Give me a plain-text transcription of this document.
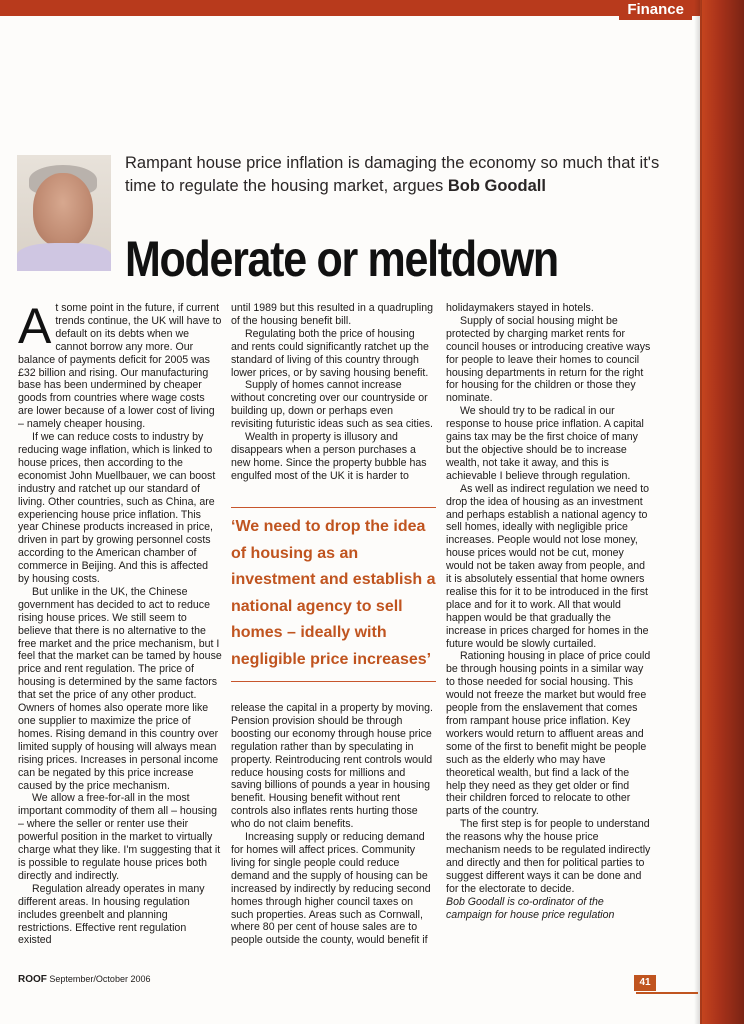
Finance
Rampant house price inflation is damaging the economy so much that it's time to regulate the housing market, argues Bob Goodall
Moderate or meltdown

At some point in the future, if current trends continue, the UK will have to default on its debts when we cannot borrow any more. Our balance of payments deficit for 2005 was £32 billion and rising. Our manufacturing base has been undermined by cheaper goods from countries where wage costs are lower because of a lower cost of living – namely cheaper housing.

If we can reduce costs to industry by reducing wage inflation, which is linked to house prices, then according to the economist John Muellbauer, we can boost industry and ratchet up our standard of living. Other countries, such as China, are experiencing house price inflation. This year Chinese products increased in price, driven in part by growing personnel costs according to the American chamber of commerce in Beijing. And this is affected by housing costs.

But unlike in the UK, the Chinese government has decided to act to reduce rising house prices. We still seem to believe that there is no alternative to the free market and the price mechanism, but I feel that the market can be tamed by house price and rent regulation. The price of housing is determined by the same factors that set the price of any other product. Owners of homes also operate more like one supplier to maximize the price of homes. Rising demand in this country over limited supply of housing will always mean rising prices. Increases in personal income can be negated by this price increase caused by the price mechanism.

We allow a free-for-all in the most important commodity of them all – housing – where the seller or renter use their powerful position in the market to virtually charge what they like. I'm suggesting that it is possible to regulate house prices both directly and indirectly.

Regulation already operates in many different areas. In housing regulation includes greenbelt and planning restrictions. Effective rent regulation existed

until 1989 but this resulted in a quadrupling of the housing benefit bill.

Regulating both the price of housing and rents could significantly ratchet up the standard of living of this country through lower prices, or by saving housing benefit.

Supply of homes cannot increase without concreting over our countryside or building up, down or perhaps even revisiting futuristic ideas such as sea cities.

Wealth in property is illusory and disappears when a person purchases a new home. Since the property bubble has engulfed most of the UK it is harder to

‘We need to drop the idea of housing as an investment and establish a national agency to sell homes – ideally with negligible price increases’

release the capital in a property by moving. Pension provision should be through boosting our economy through house price regulation rather than by speculating in property. Reintroducing rent controls would reduce housing costs for millions and saving billions of pounds a year in housing benefit. Housing benefit without rent controls also inflates rents hurting those who do not claim benefits.

Increasing supply or reducing demand for homes will affect prices. Community living for single people could reduce demand and the supply of housing can be increased by indirectly by reducing second homes through higher council taxes on such properties. Areas such as Cornwall, where 80 per cent of house sales are to people outside the county, would benefit if

holidaymakers stayed in hotels.

Supply of social housing might be protected by charging market rents for council houses or introducing creative ways for people to leave their homes to council housing departments in return for the right for housing for the children or those they nominate.

We should try to be radical in our response to house price inflation. A capital gains tax may be the first choice of many but the objective should be to increase wealth, not take it away, and this is achievable I believe through regulation.

As well as indirect regulation we need to drop the idea of housing as an investment and perhaps establish a national agency to sell homes, ideally with negligible price increases. People would not lose money, house prices would not be cut, money would not be taken away from people, and it is absolutely essential that home owners realise this for it to be introduced in the first place and for it to work. All that would happen would be that gradually the increase in prices charged for homes in the future would be slowly curtailed.

Rationing housing in place of price could be through housing points in a similar way to those needed for social housing. This would not freeze the market but would free people from the enslavement that comes from rampant house price inflation. Key workers would return to affluent areas and some of the first to benefit might be people such as the elderly who may have theoretical wealth, but find a lack of the help they need as they get older or find their children forced to relocate to other parts of the country.

The first step is for people to understand the reasons why the house price mechanism needs to be regulated indirectly and directly and then for political parties to suggest different ways it can be done and for the electorate to decide.

Bob Goodall is co-ordinator of the campaign for house price regulation

ROOF September/October 2006	41
